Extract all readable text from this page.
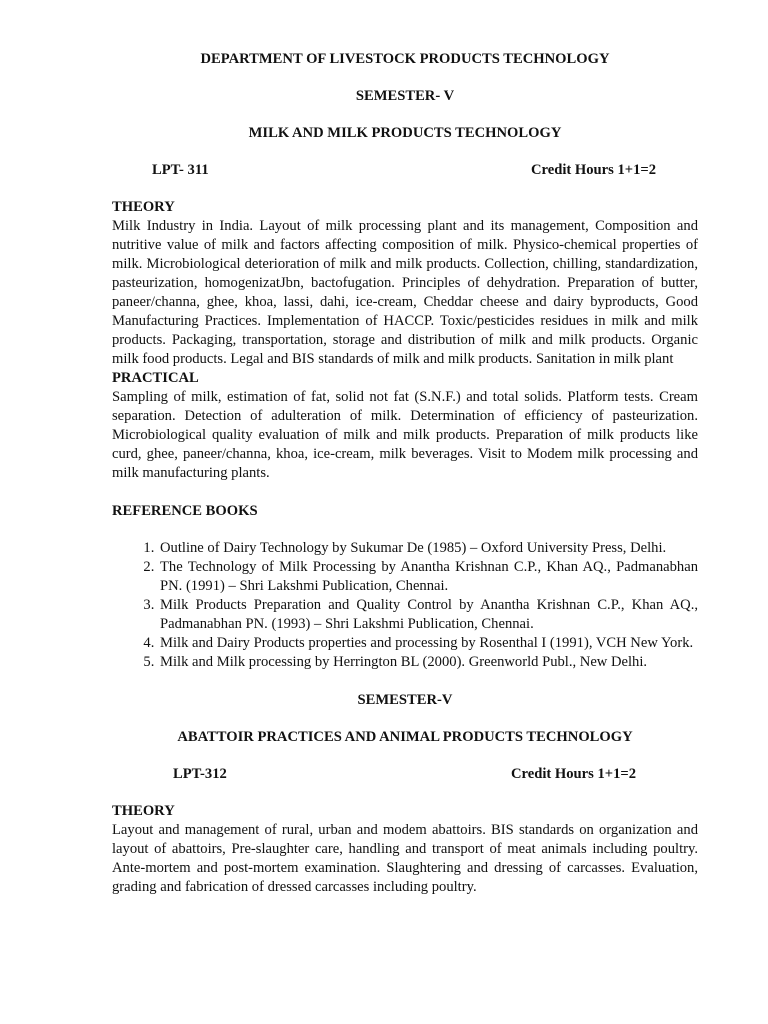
DEPARTMENT OF LIVESTOCK PRODUCTS TECHNOLOGY

SEMESTER- V

MILK AND MILK PRODUCTS TECHNOLOGY

LPT- 311	Credit Hours 1+1=2

THEORY

Milk Industry in India. Layout of milk processing plant and its management, Composition and nutritive value of milk and factors affecting composition of milk. Physico-chemical properties of milk. Microbiological deterioration of milk and milk products. Collection, chilling, standardization, pasteurization, homogenizatJbn, bactofugation. Principles of dehydration. Preparation of butter, paneer/channa, ghee, khoa, lassi, dahi, ice-cream, Cheddar cheese and dairy byproducts, Good Manufacturing Practices. Implementation of HACCP. Toxic/pesticides residues in milk and milk products. Packaging, transportation, storage and distribution of milk and milk products. Organic milk food products. Legal and BIS standards of milk and milk products. Sanitation in milk plant

PRACTICAL

Sampling of milk, estimation of fat, solid not fat (S.N.F.) and total solids. Platform tests. Cream separation. Detection of adulteration of milk. Determination of efficiency of pasteurization. Microbiological quality evaluation of milk and milk products. Preparation of milk products like curd, ghee, paneer/channa, khoa, ice-cream, milk beverages. Visit to Modem milk processing and milk manufacturing plants.

REFERENCE BOOKS

1. Outline of Dairy Technology by Sukumar De (1985) – Oxford University Press, Delhi.
2. The Technology of Milk Processing by Anantha Krishnan C.P., Khan AQ., Padmanabhan PN. (1991) – Shri Lakshmi Publication, Chennai.
3. Milk Products Preparation and Quality Control by Anantha Krishnan C.P., Khan AQ., Padmanabhan PN. (1993) – Shri Lakshmi Publication, Chennai.
4. Milk and Dairy Products properties and processing by Rosenthal I (1991), VCH New York.
5. Milk and Milk processing by Herrington BL (2000). Greenworld Publ., New Delhi.

SEMESTER-V

ABATTOIR PRACTICES AND ANIMAL PRODUCTS TECHNOLOGY

LPT-312	Credit Hours 1+1=2

THEORY

Layout and management of rural, urban and modem abattoirs. BIS standards on organization and layout of abattoirs, Pre-slaughter care, handling and transport of meat animals including poultry. Ante-mortem and post-mortem examination. Slaughtering and dressing of carcasses. Evaluation, grading and fabrication of dressed carcasses including poultry.
